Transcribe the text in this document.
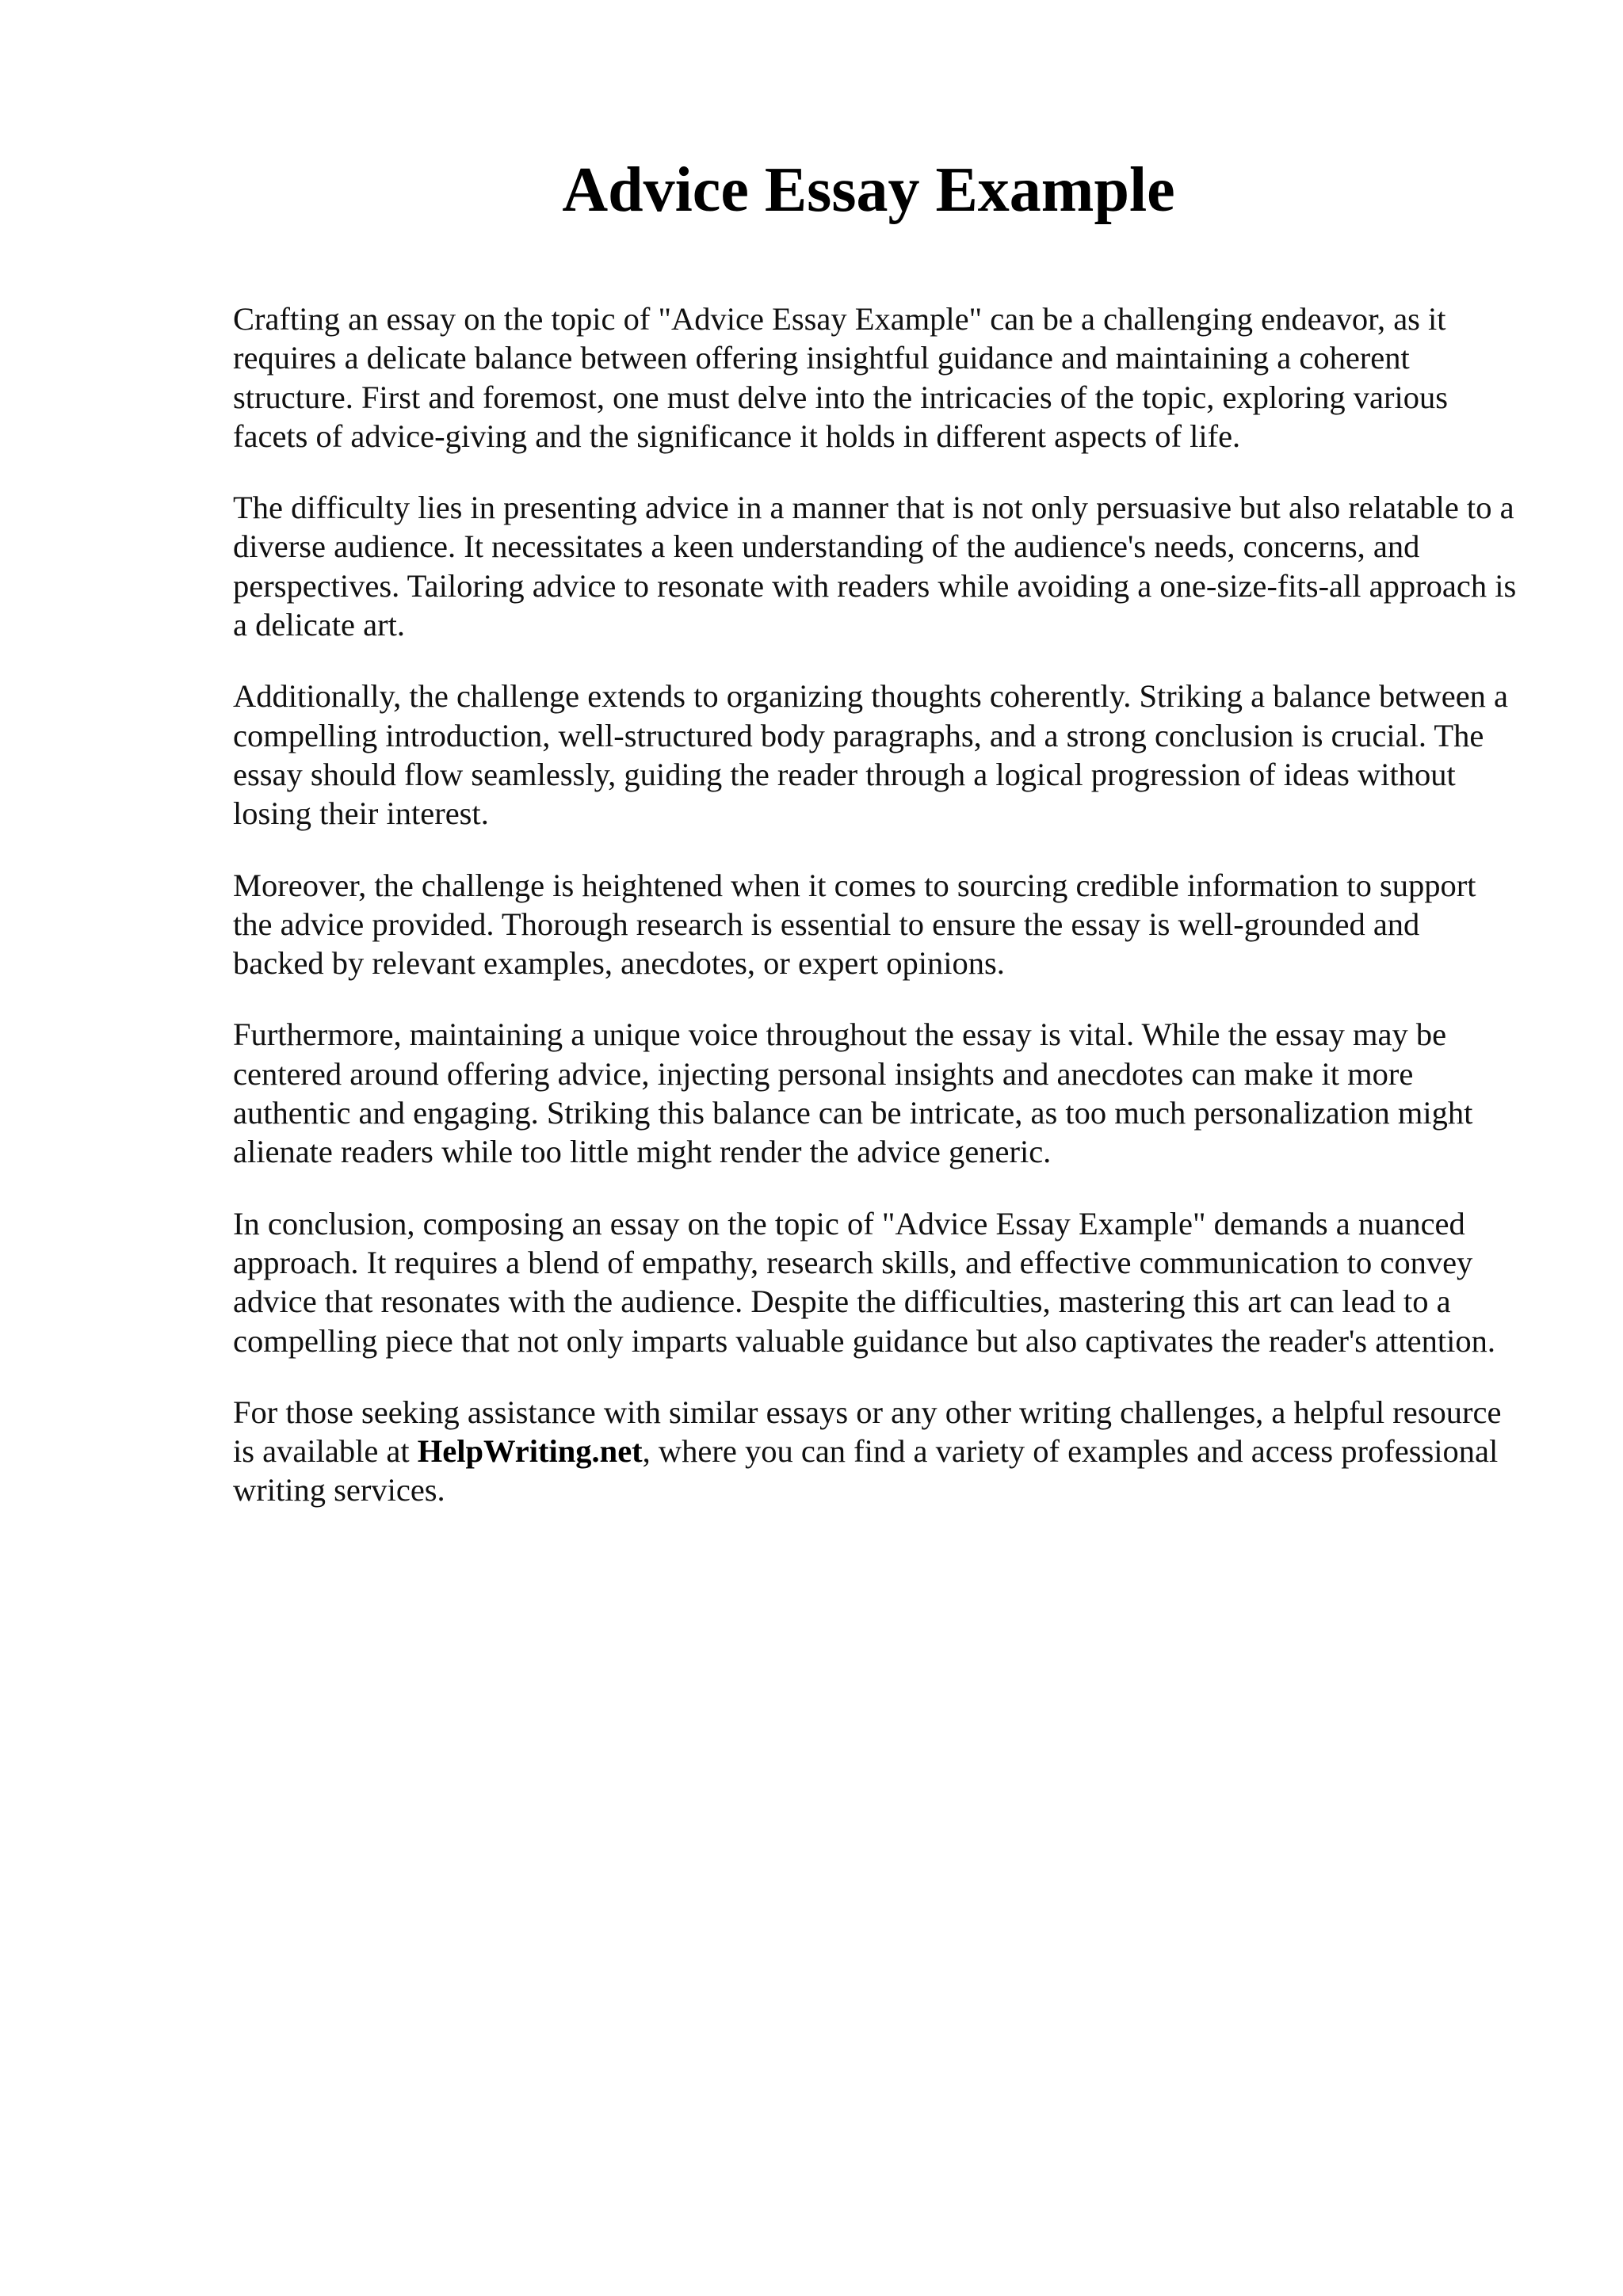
Advice Essay Example

Crafting an essay on the topic of "Advice Essay Example" can be a challenging endeavor, as it requires a delicate balance between offering insightful guidance and maintaining a coherent structure. First and foremost, one must delve into the intricacies of the topic, exploring various facets of advice-giving and the significance it holds in different aspects of life.

The difficulty lies in presenting advice in a manner that is not only persuasive but also relatable to a diverse audience. It necessitates a keen understanding of the audience's needs, concerns, and perspectives. Tailoring advice to resonate with readers while avoiding a one-size-fits-all approach is a delicate art.

Additionally, the challenge extends to organizing thoughts coherently. Striking a balance between a compelling introduction, well-structured body paragraphs, and a strong conclusion is crucial. The essay should flow seamlessly, guiding the reader through a logical progression of ideas without losing their interest.

Moreover, the challenge is heightened when it comes to sourcing credible information to support the advice provided. Thorough research is essential to ensure the essay is well-grounded and backed by relevant examples, anecdotes, or expert opinions.

Furthermore, maintaining a unique voice throughout the essay is vital. While the essay may be centered around offering advice, injecting personal insights and anecdotes can make it more authentic and engaging. Striking this balance can be intricate, as too much personalization might alienate readers while too little might render the advice generic.

In conclusion, composing an essay on the topic of "Advice Essay Example" demands a nuanced approach. It requires a blend of empathy, research skills, and effective communication to convey advice that resonates with the audience. Despite the difficulties, mastering this art can lead to a compelling piece that not only imparts valuable guidance but also captivates the reader's attention.

For those seeking assistance with similar essays or any other writing challenges, a helpful resource is available at HelpWriting.net, where you can find a variety of examples and access professional writing services.
